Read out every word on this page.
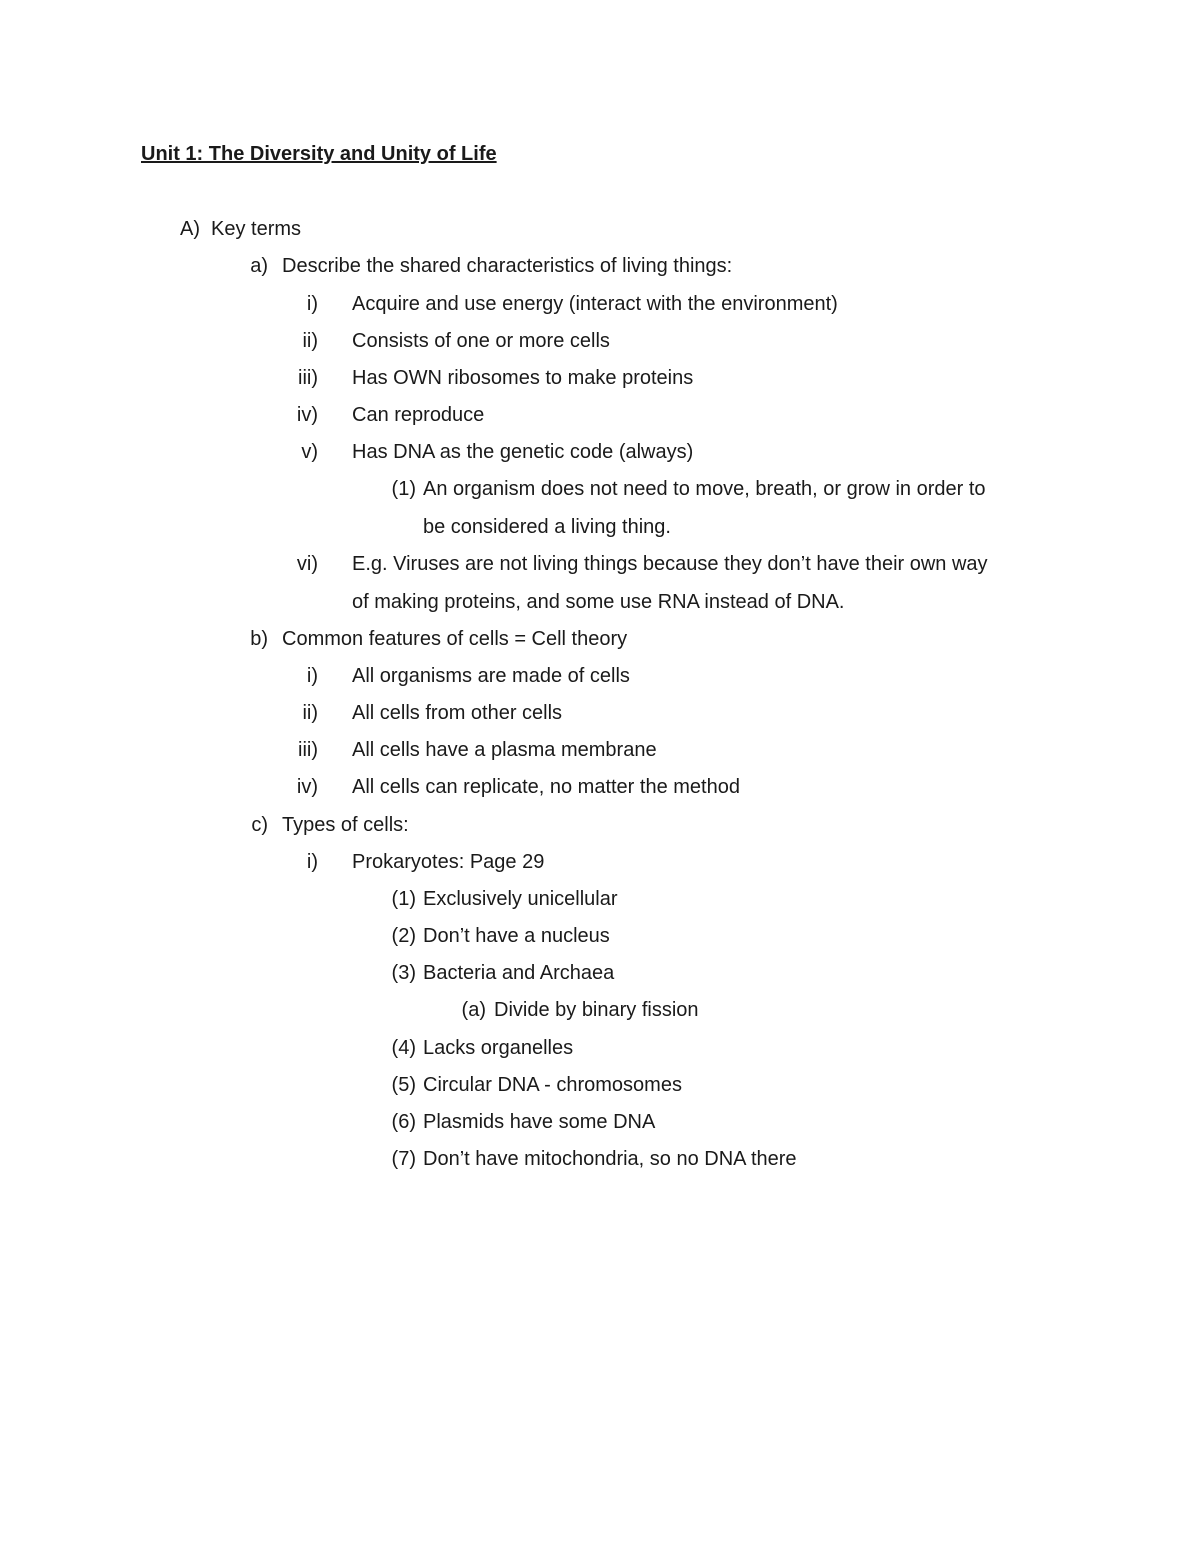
Unit 1: The Diversity and Unity of Life
A) Key terms
a) Describe the shared characteristics of living things:
i) Acquire and use energy (interact with the environment)
ii) Consists of one or more cells
iii) Has OWN ribosomes to make proteins
iv) Can reproduce
v) Has DNA as the genetic code (always)
(1) An organism does not need to move, breath, or grow in order to
be considered a living thing.
vi) E.g. Viruses are not living things because they don’t have their own way
of making proteins, and some use RNA instead of DNA.
b) Common features of cells = Cell theory
i) All organisms are made of cells
ii) All cells from other cells
iii) All cells have a plasma membrane
iv) All cells can replicate, no matter the method
c) Types of cells:
i) Prokaryotes: Page 29
(1) Exclusively unicellular
(2) Don’t have a nucleus
(3) Bacteria and Archaea
(a) Divide by binary fission
(4) Lacks organelles
(5) Circular DNA - chromosomes
(6) Plasmids have some DNA
(7) Don’t have mitochondria, so no DNA there
